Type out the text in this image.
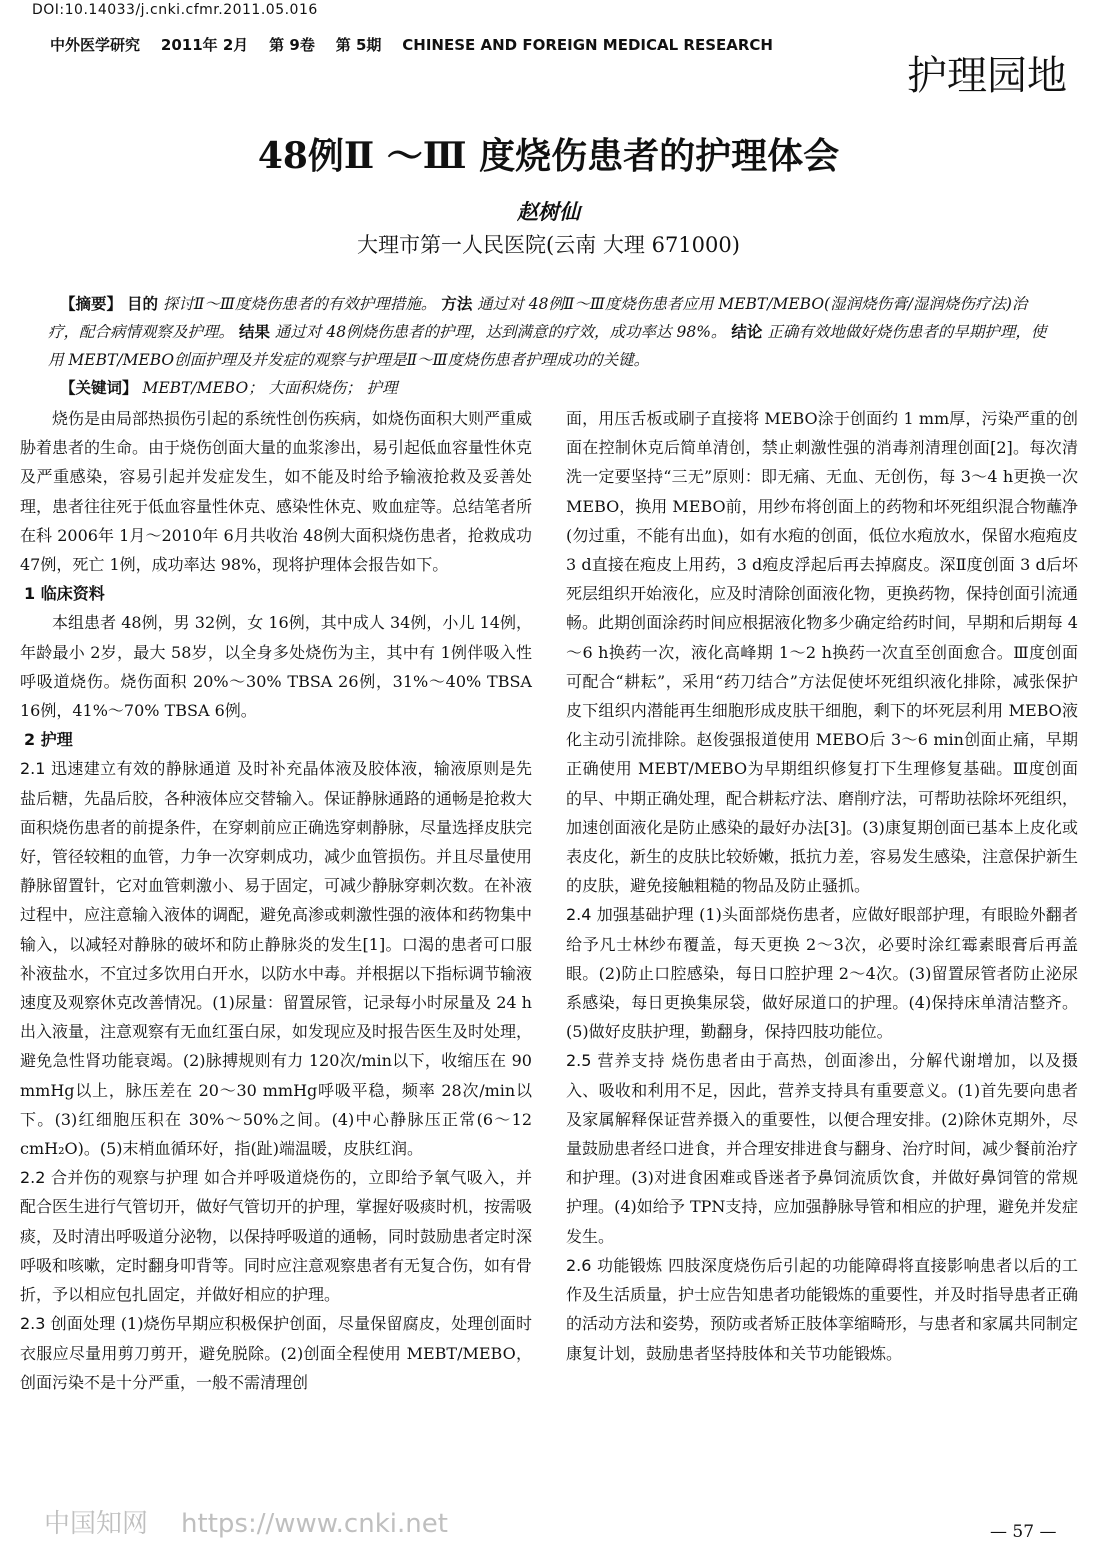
DOI:10.14033/j.cnki.cfmr.2011.05.016
中外医学研究    2011年 2月    第 9卷    第 5期    CHINESE AND FOREIGN MEDICAL RESEARCH
护理园地
48例Ⅱ ～Ⅲ 度烧伤患者的护理体会
赵树仙
大理市第一人民医院(云南 大理 671000)
【摘要】 目的 探讨Ⅱ～Ⅲ度烧伤患者的有效护理措施。 方法 通过对 48例Ⅱ～Ⅲ度烧伤患者应用 MEBT/MEBO(湿润烧伤膏/湿润烧伤疗法)治疗，配合病情观察及护理。 结果 通过对 48例烧伤患者的护理，达到满意的疗效，成功率达 98%。 结论 正确有效地做好烧伤患者的早期护理，使用 MEBT/MEBO创面护理及并发症的观察与护理是Ⅱ～Ⅲ度烧伤患者护理成功的关键。
【关键词】 MEBT/MEBO； 大面积烧伤； 护理

烧伤是由局部热损伤引起的系统性创伤疾病，如烧伤面积大则严重威胁着患者的生命。由于烧伤创面大量的血浆渗出，易引起低血容量性休克及严重感染，容易引起并发症发生，如不能及时给予输液抢救及妥善处理，患者往往死于低血容量性休克、感染性休克、败血症等。总结笔者所在科 2006年 1月～2010年 6月共收治 48例大面积烧伤患者，抢救成功 47例，死亡 1例，成功率达 98%，现将护理体会报告如下。

1 临床资料

本组患者 48例，男 32例，女 16例，其中成人 34例，小儿 14例，年龄最小 2岁，最大 58岁，以全身多处烧伤为主，其中有 1例伴吸入性呼吸道烧伤。烧伤面积 20%～30% TBSA 26例，31%～40% TBSA 16例，41%～70% TBSA 6例。

2 护理

2.1 迅速建立有效的静脉通道 及时补充晶体液及胶体液，输液原则是先盐后糖，先晶后胶，各种液体应交替输入。保证静脉通路的通畅是抢救大面积烧伤患者的前提条件，在穿刺前应正确选穿刺静脉，尽量选择皮肤完好，管径较粗的血管，力争一次穿刺成功，减少血管损伤。并且尽量使用静脉留置针，它对血管刺激小、易于固定，可减少静脉穿刺次数。在补液过程中，应注意输入液体的调配，避免高渗或刺激性强的液体和药物集中输入，以减轻对静脉的破坏和防止静脉炎的发生[1]。口渴的患者可口服补液盐水，不宜过多饮用白开水，以防水中毒。并根据以下指标调节输液速度及观察休克改善情况。(1)尿量：留置尿管，记录每小时尿量及 24 h出入液量，注意观察有无血红蛋白尿，如发现应及时报告医生及时处理，避免急性肾功能衰竭。(2)脉搏规则有力 120次/min以下，收缩压在 90 mmHg以上，脉压差在 20～30 mmHg呼吸平稳，频率 28次/min以下。(3)红细胞压积在 30%～50%之间。(4)中心静脉压正常(6～12 cmH₂O)。(5)末梢血循环好，指(趾)端温暖，皮肤红润。

2.2 合并伤的观察与护理 如合并呼吸道烧伤的，立即给予氧气吸入，并配合医生进行气管切开，做好气管切开的护理，掌握好吸痰时机，按需吸痰，及时清出呼吸道分泌物，以保持呼吸道的通畅，同时鼓励患者定时深呼吸和咳嗽，定时翻身叩背等。同时应注意观察患者有无复合伤，如有骨折，予以相应包扎固定，并做好相应的护理。

2.3 创面处理 (1)烧伤早期应积极保护创面，尽量保留腐皮，处理创面时衣服应尽量用剪刀剪开，避免脱除。(2)创面全程使用 MEBT/MEBO，创面污染不是十分严重，一般不需清理创

面，用压舌板或刷子直接将 MEBO涂于创面约 1 mm厚，污染严重的创面在控制休克后简单清创，禁止刺激性强的消毒剂清理创面[2]。每次清洗一定要坚持“三无”原则：即无痛、无血、无创伤，每 3～4 h更换一次 MEBO，换用 MEBO前，用纱布将创面上的药物和坏死组织混合物蘸净(勿过重，不能有出血)，如有水疱的创面，低位水疱放水，保留水疱疱皮 3 d直接在疱皮上用药，3 d疱皮浮起后再去掉腐皮。深Ⅱ度创面 3 d后坏死层组织开始液化，应及时清除创面液化物，更换药物，保持创面引流通畅。此期创面涂药时间应根据液化物多少确定给药时间，早期和后期每 4～6 h换药一次，液化高峰期 1～2 h换药一次直至创面愈合。Ⅲ度创面可配合“耕耘”，采用“药刀结合”方法促使坏死组织液化排除，减张保护皮下组织内潜能再生细胞形成皮肤干细胞，剩下的坏死层利用 MEBO液化主动引流排除。赵俊强报道使用 MEBO后 3～6 min创面止痛，早期正确使用 MEBT/MEBO为早期组织修复打下生理修复基础。Ⅲ度创面的早、中期正确处理，配合耕耘疗法、磨削疗法，可帮助祛除坏死组织，加速创面液化是防止感染的最好办法[3]。(3)康复期创面已基本上皮化或表皮化，新生的皮肤比较娇嫩，抵抗力差，容易发生感染，注意保护新生的皮肤，避免接触粗糙的物品及防止骚抓。

2.4 加强基础护理 (1)头面部烧伤患者，应做好眼部护理，有眼睑外翻者给予凡士林纱布覆盖，每天更换 2～3次，必要时涂红霉素眼膏后再盖眼。(2)防止口腔感染，每日口腔护理 2～4次。(3)留置尿管者防止泌尿系感染，每日更换集尿袋，做好尿道口的护理。(4)保持床单清洁整齐。(5)做好皮肤护理，勤翻身，保持四肢功能位。

2.5 营养支持 烧伤患者由于高热，创面渗出，分解代谢增加，以及摄入、吸收和利用不足，因此，营养支持具有重要意义。(1)首先要向患者及家属解释保证营养摄入的重要性，以便合理安排。(2)除休克期外，尽量鼓励患者经口进食，并合理安排进食与翻身、治疗时间，减少餐前治疗和护理。(3)对进食困难或昏迷者予鼻饲流质饮食，并做好鼻饲管的常规护理。(4)如给予 TPN支持，应加强静脉导管和相应的护理，避免并发症发生。

2.6 功能锻炼 四肢深度烧伤后引起的功能障碍将直接影响患者以后的工作及生活质量，护士应告知患者功能锻炼的重要性，并及时指导患者正确的活动方法和姿势，预防或者矫正肢体挛缩畸形，与患者和家属共同制定康复计划，鼓励患者坚持肢体和关节功能锻炼。

中国知网    https://www.cnki.net	— 57 —
